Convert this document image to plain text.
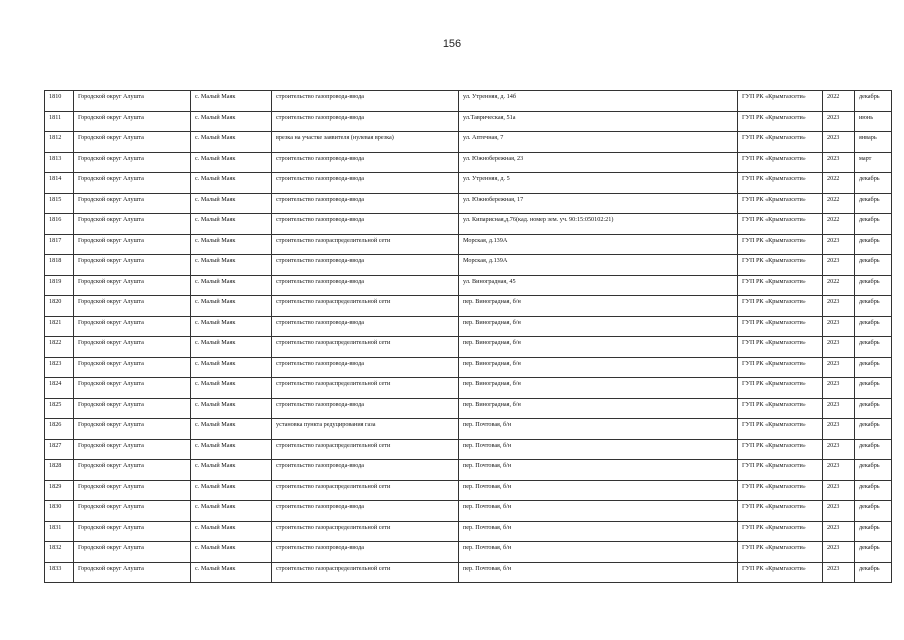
156
1810	Городской округ Алушта	с. Малый Маяк	строительство газопровода-ввода	ул. Утренняя, д. 14б	ГУП РК «Крымгазсети»	2022	декабрь
1811	Городской округ Алушта	с. Малый Маяк	строительство газопровода-ввода	ул.Таврическая, 51а	ГУП РК «Крымгазсети»	2023	июнь
1812	Городской округ Алушта	с. Малый Маяк	врезка на участке заявителя (нулевая врезка)	ул. Аптечная, 7	ГУП РК «Крымгазсети»	2023	январь
1813	Городской округ Алушта	с. Малый Маяк	строительство газопровода-ввода	ул. Южнобережная, 23	ГУП РК «Крымгазсети»	2023	март
1814	Городской округ Алушта	с. Малый Маяк	строительство газопровода-ввода	ул. Утренняя, д. 5	ГУП РК «Крымгазсети»	2022	декабрь
1815	Городской округ Алушта	с. Малый Маяк	строительство газопровода-ввода	ул. Южнобережная, 17	ГУП РК «Крымгазсети»	2022	декабрь
1816	Городской округ Алушта	с. Малый Маяк	строительство газопровода-ввода	ул. Кипарисная,д.76(кад. номер зем. уч. 90:15:050102:21)	ГУП РК «Крымгазсети»	2022	декабрь
1817	Городской округ Алушта	с. Малый Маяк	строительство газораспределительной сети	Морская, д.139А	ГУП РК «Крымгазсети»	2023	декабрь
1818	Городской округ Алушта	с. Малый Маяк	строительство газопровода-ввода	Морская, д.139А	ГУП РК «Крымгазсети»	2023	декабрь
1819	Городской округ Алушта	с. Малый Маяк	строительство газопровода-ввода	ул. Виноградная, 45	ГУП РК «Крымгазсети»	2022	декабрь
1820	Городской округ Алушта	с. Малый Маяк	строительство газораспределительной сети	пер. Виноградная, б/н	ГУП РК «Крымгазсети»	2023	декабрь
1821	Городской округ Алушта	с. Малый Маяк	строительство газопровода-ввода	пер. Виноградная, б/н	ГУП РК «Крымгазсети»	2023	декабрь
1822	Городской округ Алушта	с. Малый Маяк	строительство газораспределительной сети	пер. Виноградная, б/н	ГУП РК «Крымгазсети»	2023	декабрь
1823	Городской округ Алушта	с. Малый Маяк	строительство газопровода-ввода	пер. Виноградная, б/н	ГУП РК «Крымгазсети»	2023	декабрь
1824	Городской округ Алушта	с. Малый Маяк	строительство газораспределительной сети	пер. Виноградная, б/н	ГУП РК «Крымгазсети»	2023	декабрь
1825	Городской округ Алушта	с. Малый Маяк	строительство газопровода-ввода	пер. Виноградная, б/н	ГУП РК «Крымгазсети»	2023	декабрь
1826	Городской округ Алушта	с. Малый Маяк	установка пункта редуцирования газа	пер. Почтовая, б/н	ГУП РК «Крымгазсети»	2023	декабрь
1827	Городской округ Алушта	с. Малый Маяк	строительство газораспределительной сети	пер. Почтовая, б/н	ГУП РК «Крымгазсети»	2023	декабрь
1828	Городской округ Алушта	с. Малый Маяк	строительство газопровода-ввода	пер. Почтовая, б/н	ГУП РК «Крымгазсети»	2023	декабрь
1829	Городской округ Алушта	с. Малый Маяк	строительство газораспределительной сети	пер. Почтовая, б/н	ГУП РК «Крымгазсети»	2023	декабрь
1830	Городской округ Алушта	с. Малый Маяк	строительство газопровода-ввода	пер. Почтовая, б/н	ГУП РК «Крымгазсети»	2023	декабрь
1831	Городской округ Алушта	с. Малый Маяк	строительство газораспределительной сети	пер. Почтовая, б/н	ГУП РК «Крымгазсети»	2023	декабрь
1832	Городской округ Алушта	с. Малый Маяк	строительство газопровода-ввода	пер. Почтовая, б/н	ГУП РК «Крымгазсети»	2023	декабрь
1833	Городской округ Алушта	с. Малый Маяк	строительство газораспределительной сети	пер. Почтовая, б/н	ГУП РК «Крымгазсети»	2023	декабрь
